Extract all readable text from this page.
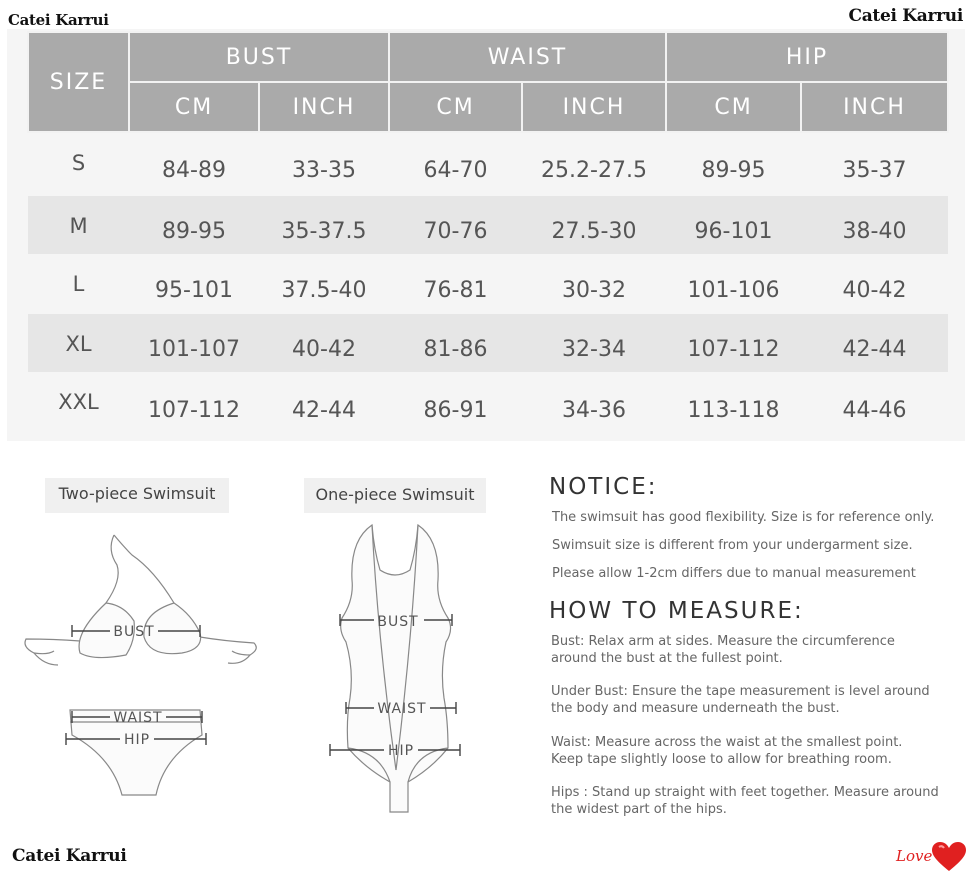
Catei Karrui	Catei Karrui
SIZE	BUST		WAIST		HIP	
	CM	INCH	CM	INCH	CM	INCH
S	84-89	33-35	64-70	25.2-27.5	89-95	35-37
M	89-95	35-37.5	70-76	27.5-30	96-101	38-40
L	95-101	37.5-40	76-81	30-32	101-106	40-42
XL	101-107	40-42	81-86	32-34	107-112	42-44
XXL	107-112	42-44	86-91	34-36	113-118	44-46
Two-piece Swimsuit	One-piece Swimsuit
BUST
WAIST
HIP
BUST
WAIST
HIP
NOTICE:
The swimsuit has good flexibility. Size is for reference only.
Swimsuit size is different from your undergarment size.
Please allow 1-2cm differs due to manual measurement
HOW TO MEASURE:
Bust: Relax arm at sides. Measure the circumference
around the bust at the fullest point.
Under Bust: Ensure the tape measurement is level around
the body and measure underneath the bust.
Waist: Measure across the waist at the smallest point.
Keep tape slightly loose to allow for breathing room.
Hips : Stand up straight with feet together. Measure around
the widest part of the hips.
Catei Karrui	Love
